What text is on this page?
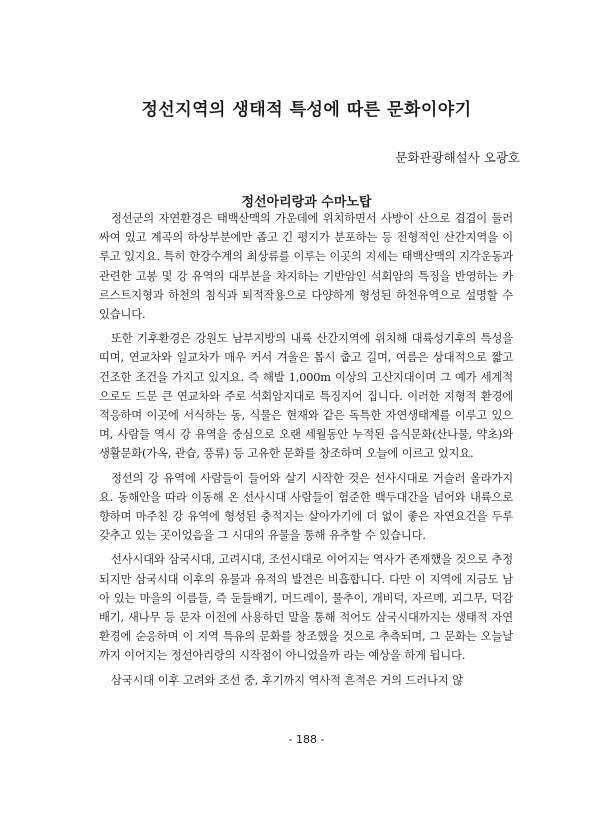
정선지역의 생태적 특성에 따른 문화이야기

문화관광해설사 오광호

정선아리랑과 수마노탑

정선군의 자연환경은 태백산맥의 가운데에 위치하면서 사방이 산으로 겹겹이 둘러싸여 있고 계곡의 하상부분에만 좁고 긴 평지가 분포하는 등 전형적인 산간지역을 이루고 있지요. 특히 한강수계의 최상류를 이루는 이곳의 지세는 태백산맥의 지각운동과 관련한 고봉 및 강 유역의 대부분을 차지하는 기반암인 석회암의 특징을 반영하는 카르스트지형과 하천의 침식과 퇴적작용으로 다양하게 형성된 하천유역으로 설명할 수 있습니다.

또한 기후환경은 강원도 남부지방의 내륙 산간지역에 위치해 대륙성기후의 특성을 띠며, 연교차와 일교차가 매우 커서 겨울은 몹시 춥고 길며, 여름은 상대적으로 짧고 건조한 조건을 가지고 있지요. 즉 해발 1,000m 이상의 고산지대이며 그 예가 세계적으로도 드문 큰 연교차와 주로 석회암지대로 특징지어 집니다. 이러한 지형적 환경에 적응하며 이곳에 서식하는 동, 식물은 현재와 같은 독특한 자연생태계를 이루고 있으며, 사람들 역시 강 유역을 중심으로 오랜 세월동안 누적된 음식문화(산나물, 약초)와 생활문화(가옥, 관습, 풍류) 등 고유한 문화를 창조하며 오늘에 이르고 있지요.

정선의 강 유역에 사람들이 들어와 살기 시작한 것은 선사시대로 거슬러 올라가지요. 동해안을 따라 이동해 온 선사시대 사람들이 험준한 백두대간을 넘어와 내륙으로 향하며 마주친 강 유역에 형성된 충적지는 살아가기에 더 없이 좋은 자연요건을 두루 갖추고 있는 곳이었음을 그 시대의 유물을 통해 유추할 수 있습니다.

선사시대와 삼국시대, 고려시대, 조선시대로 이어지는 역사가 존재했을 것으로 추정되지만 삼국시대 이후의 유물과 유적의 발견은 비흡합니다. 다만 이 지역에 지금도 남아 있는 마을의 이름들, 즉 둔들배기, 머드레이, 물추이, 개비덕, 자르메, 괴그무, 덕감배기, 새나무 등 문자 이전에 사용하던 말을 통해 적어도 삼국시대까지는 생태적 자연환경에 순응하며 이 지역 특유의 문화를 창조했을 것으로 추측되며, 그 문화는 오늘날까지 이어지는 정선아리랑의 시작점이 아니었을까 라는 예상을 하게 됩니다.

삼국시대 이후 고려와 조선 중, 후기까지 역사적 흔적은 거의 드러나지 않

- 188 -
